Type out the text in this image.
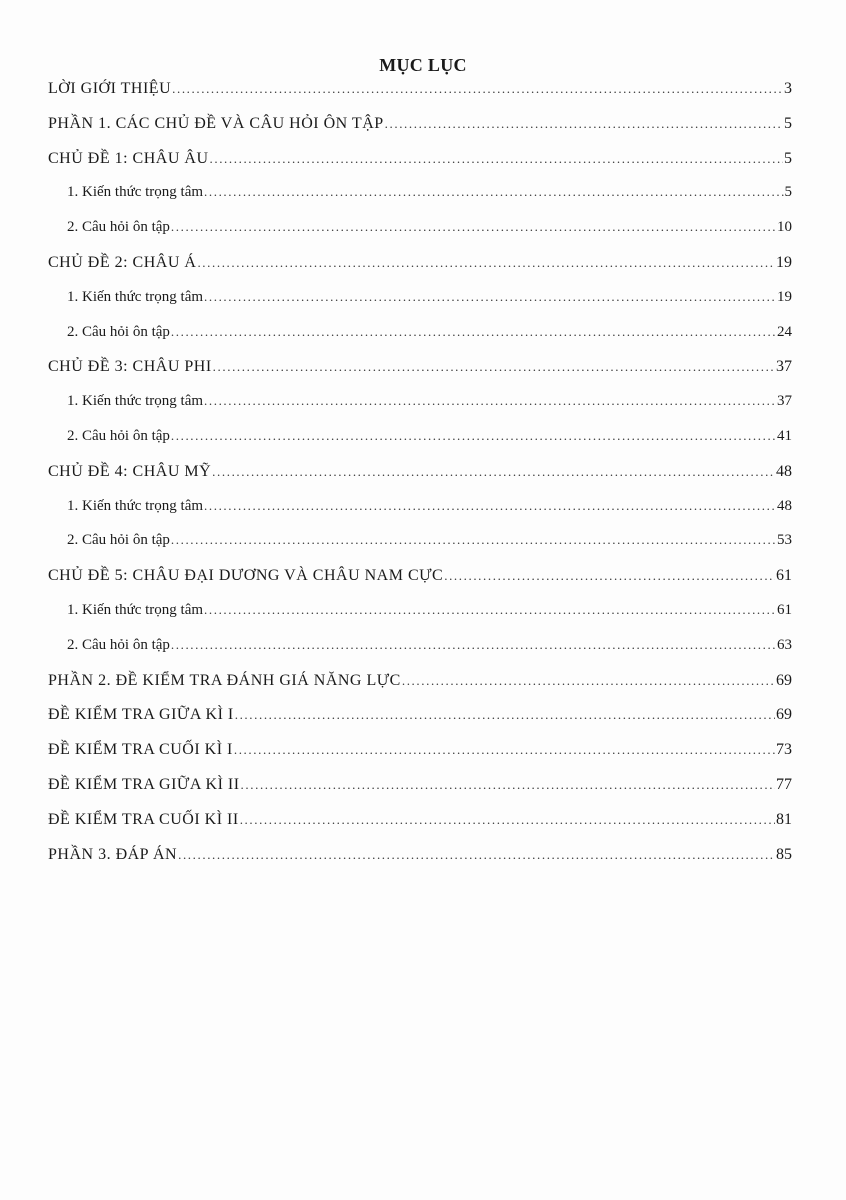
MỤC LỤC
LỜI GIỚI THIỆU .....	3
PHẦN 1. CÁC CHỦ ĐỀ VÀ CÂU HỎI ÔN TẬP .....	5
CHỦ ĐỀ 1: CHÂU ÂU .....	5
1. Kiến thức trọng tâm .....	5
2. Câu hỏi ôn tập .....	10
CHỦ ĐỀ 2: CHÂU Á .....	19
1. Kiến thức trọng tâm .....	19
2. Câu hỏi ôn tập .....	24
CHỦ ĐỀ 3: CHÂU PHI .....	37
1. Kiến thức trọng tâm .....	37
2. Câu hỏi ôn tập .....	41
CHỦ ĐỀ 4: CHÂU MỸ .....	48
1. Kiến thức trọng tâm .....	48
2. Câu hỏi ôn tập .....	53
CHỦ ĐỀ 5: CHÂU ĐẠI DƯƠNG VÀ CHÂU NAM CỰC .....	61
1. Kiến thức trọng tâm .....	61
2. Câu hỏi ôn tập .....	63
PHẦN 2. ĐỀ KIỂM TRA ĐÁNH GIÁ NĂNG LỰC .....	69
ĐỀ KIỂM TRA GIỮA KÌ I .....	69
ĐỀ KIỂM TRA CUỐI KÌ I .....	73
ĐỀ KIỂM TRA GIỮA KÌ II .....	77
ĐỀ KIỂM TRA CUỐI KÌ II .....	81
PHẦN 3. ĐÁP ÁN .....	85
